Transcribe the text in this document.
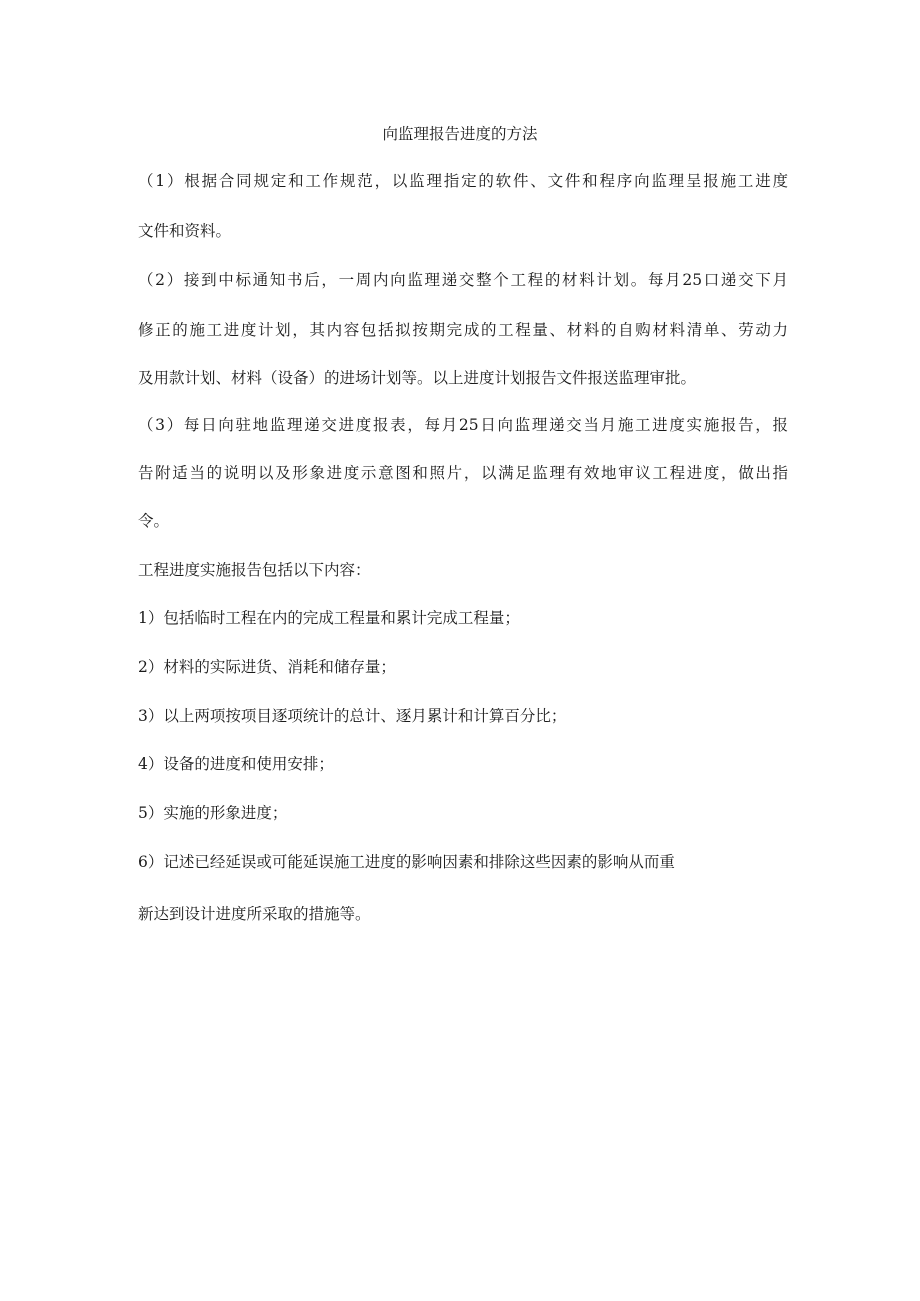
向监理报告进度的方法
（1）根据合同规定和工作规范，以监理指定的软件、文件和程序向监理呈报施工进度
文件和资料。
（2）接到中标通知书后，一周内向监理递交整个工程的材料计划。每月25口递交下月
修正的施工进度计划，其内容包括拟按期完成的工程量、材料的自购材料清单、劳动力
及用款计划、材料（设备）的进场计划等。以上进度计划报告文件报送监理审批。
（3）每日向驻地监理递交进度报表，每月25日向监理递交当月施工进度实施报告，报
告附适当的说明以及形象进度示意图和照片，以满足监理有效地审议工程进度，做出指
令。
工程进度实施报告包括以下内容：
1）包括临时工程在内的完成工程量和累计完成工程量；
2）材料的实际进货、消耗和储存量；
3）以上两项按项目逐项统计的总计、逐月累计和计算百分比；
4）设备的进度和使用安排；
5）实施的形象进度；
6）记述已经延误或可能延误施工进度的影响因素和排除这些因素的影响从而重
新达到设计进度所采取的措施等。
